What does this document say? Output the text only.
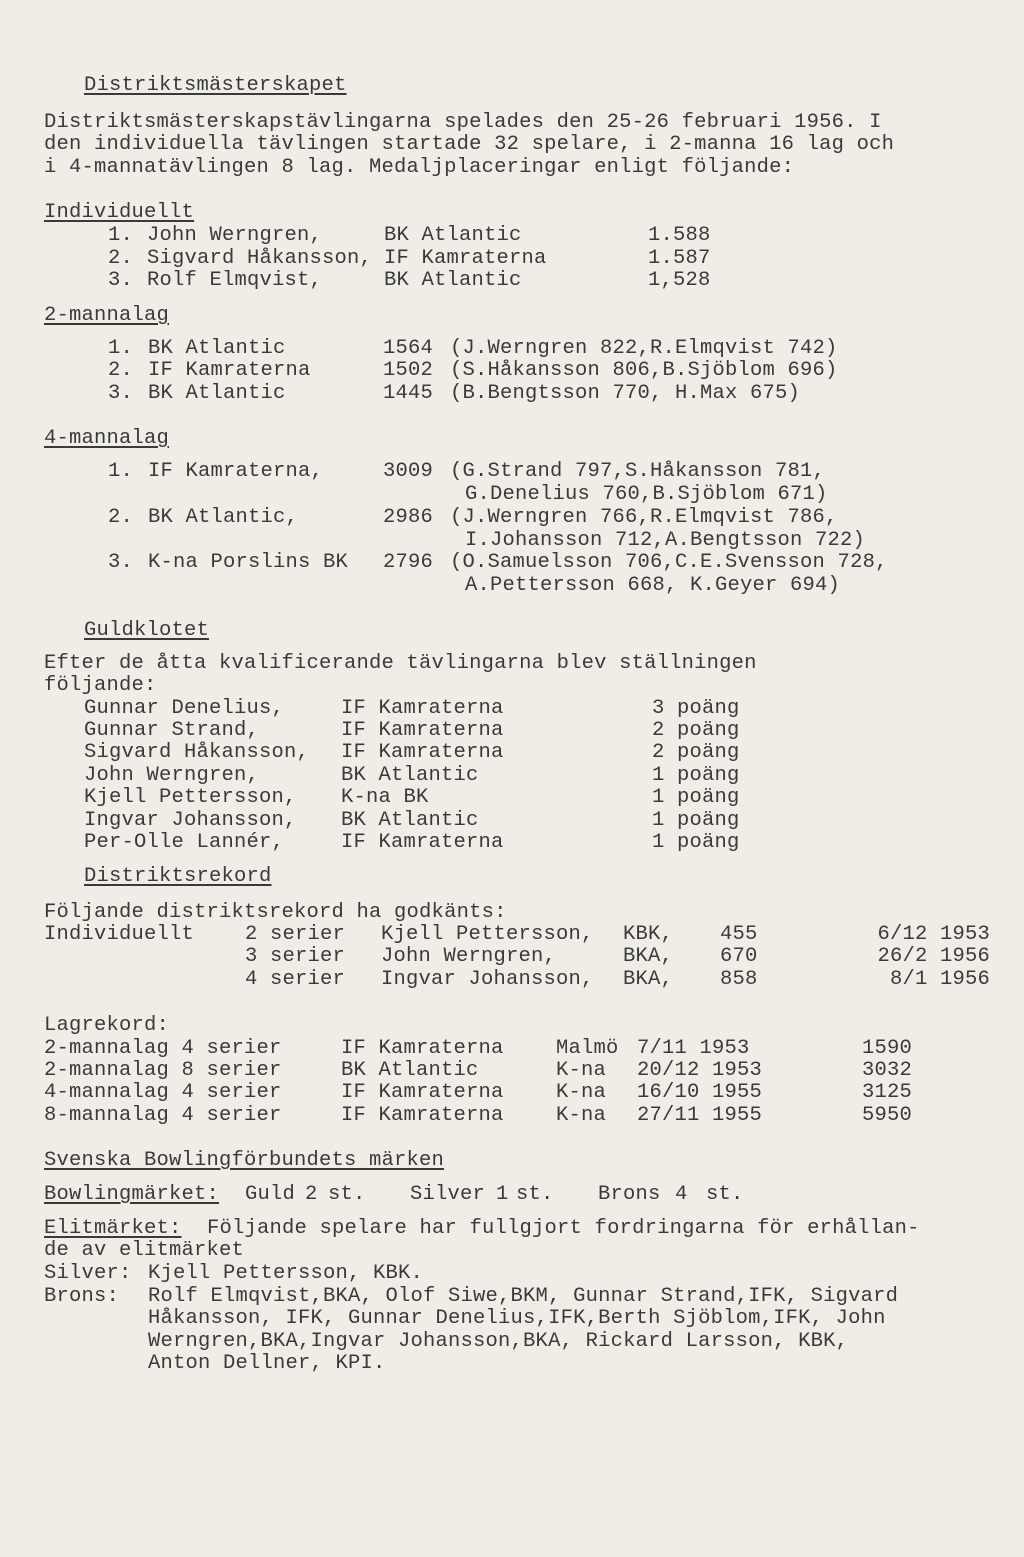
Distriktsmästerskapet
Distriktsmästerskapstävlingarna spelades den 25-26 februari 1956. I
den individuella tävlingen startade 32 spelare, i 2-manna 16 lag och
i 4-mannatävlingen 8 lag. Medaljplaceringar enligt följande:
Individuellt
1. John Werngren,	BK Atlantic	1.588
2. Sigvard Håkansson, IF Kamraterna	1.587
3. Rolf Elmqvist,	BK Atlantic	1,528
2-mannalag
1. BK Atlantic	1564 (J.Werngren 822,R.Elmqvist 742)
2. IF Kamraterna	1502 (S.Håkansson 806,B.Sjöblom 696)
3. BK Atlantic	1445 (B.Bengtsson 770, H.Max 675)
4-mannalag
1. IF Kamraterna,	3009 (G.Strand 797,S.Håkansson 781,
G.Denelius 760,B.Sjöblom 671)
2. BK Atlantic,	2986 (J.Werngren 766,R.Elmqvist 786,
I.Johansson 712,A.Bengtsson 722)
3. K-na Porslins BK 2796 (O.Samuelsson 706,C.E.Svensson 728,
A.Pettersson 668, K.Geyer 694)
Guldklotet
Efter de åtta kvalificerande tävlingarna blev ställningen
följande:
Gunnar Denelius,	IF Kamraterna	3 poäng
Gunnar Strand,	IF Kamraterna	2 poäng
Sigvard Håkansson, IF Kamraterna	2 poäng
John Werngren,	BK Atlantic	1 poäng
Kjell Pettersson, K-na BK	1 poäng
Ingvar Johansson, BK Atlantic	1 poäng
Per-Olle Lannér,	IF Kamraterna	1 poäng
Distriktsrekord
Följande distriktsrekord ha godkänts:
Individuellt 2 serier Kjell Pettersson, KBK, 455	6/12 1953
3 serier John Werngren,	BKA, 670	26/2 1956
4 serier Ingvar Johansson, BKA, 858	8/1 1956
Lagrekord:
2-mannalag 4 serier	IF Kamraterna	Malmö 7/11 1953	1590
2-mannalag 8 serier	BK Atlantic	K-na 20/12 1953	3032
4-mannalag 4 serier	IF Kamraterna	K-na 16/10 1955	3125
8-mannalag 4 serier	IF Kamraterna	K-na 27/11 1955	5950
Svenska Bowlingförbundets märken
Bowlingmärket: Guld 2 st. Silver 1 st. Brons 4 st.
Elitmärket: Följande spelare har fullgjort fordringarna för erhållan-
de av elitmärket
Silver: Kjell Pettersson, KBK.
Brons: Rolf Elmqvist,BKA, Olof Siwe,BKM, Gunnar Strand,IFK, Sigvard
Håkansson, IFK, Gunnar Denelius,IFK,Berth Sjöblom,IFK, John
Werngren,BKA,Ingvar Johansson,BKA, Rickard Larsson, KBK,
Anton Dellner, KPI.
